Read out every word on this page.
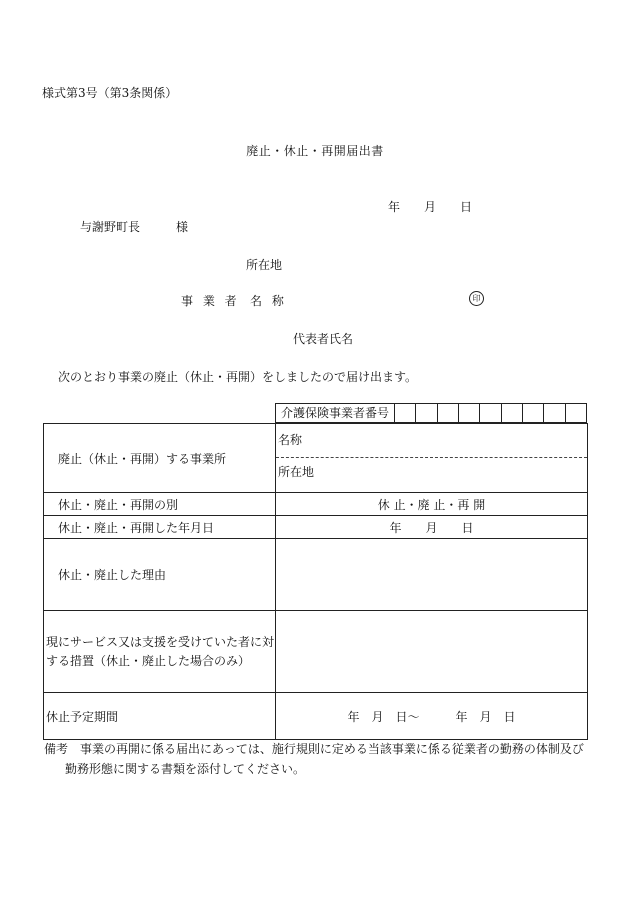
様式第3号（第3条関係）
廃止・休止・再開届出書
年 月 日
与謝野町長　　　様
所在地
事 業 者 名 称	印
代表者氏名
次のとおり事業の廃止（休止・再開）をしましたので届け出ます。
介護保険事業者番号
廃止（休止・再開）する事業所
名称
所在地
休止・廃止・再開の別	休 止・廃 止・再 開
休止・廃止・再開した年月日	年　　月　　日
休止・廃止した理由
現にサービス又は支援を受けていた者に対する措置（休止・廃止した場合のみ）
休止予定期間	年　月　日〜　　　年　月　日
備考　事業の再開に係る届出にあっては、施行規則に定める当該事業に係る従業者の勤務の体制及び
勤務形態に関する書類を添付してください。
